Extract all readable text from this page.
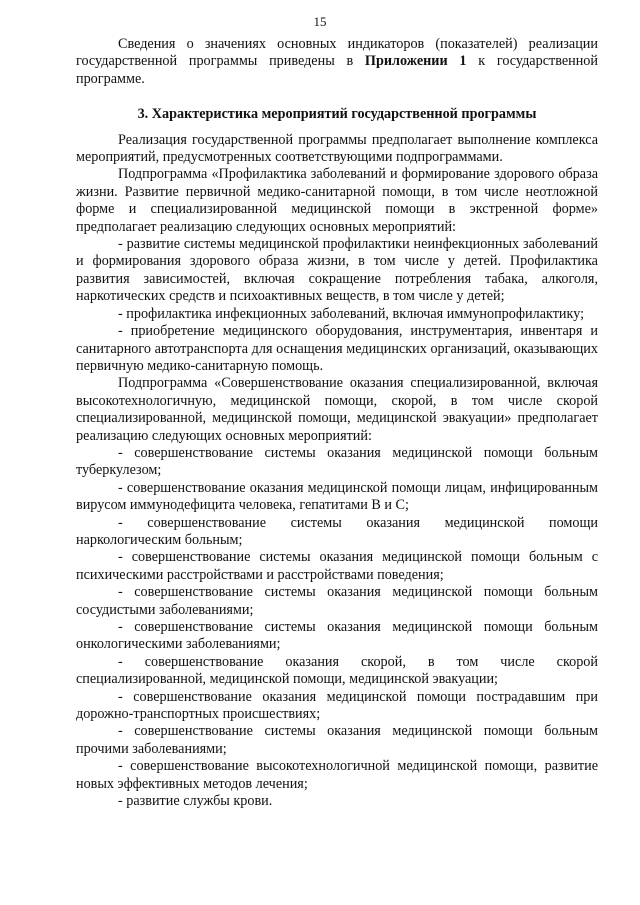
15

Сведения о значениях основных индикаторов (показателей) реализации государственной программы приведены в Приложении 1 к государственной программе.

3. Характеристика мероприятий государственной программы

Реализация государственной программы предполагает выполнение комплекса мероприятий, предусмотренных соответствующими подпрограммами.

Подпрограмма «Профилактика заболеваний и формирование здорового образа жизни. Развитие первичной медико-санитарной помощи, в том числе неотложной форме и специализированной медицинской помощи в экстренной форме» предполагает реализацию следующих основных мероприятий:

- развитие системы медицинской профилактики неинфекционных заболеваний и формирования здорового образа жизни, в том числе у детей. Профилактика развития зависимостей, включая сокращение потребления табака, алкоголя, наркотических средств и психоактивных веществ, в том числе у детей;

- профилактика инфекционных заболеваний, включая иммунопрофилактику;

- приобретение медицинского оборудования, инструментария, инвентаря и санитарного автотранспорта для оснащения медицинских организаций, оказывающих первичную медико-санитарную помощь.

Подпрограмма «Совершенствование оказания специализированной, включая высокотехнологичную, медицинской помощи, скорой, в том числе скорой специализированной, медицинской помощи, медицинской эвакуации» предполагает реализацию следующих основных мероприятий:

- совершенствование системы оказания медицинской помощи больным туберкулезом;

- совершенствование оказания медицинской помощи лицам, инфицированным вирусом иммунодефицита человека, гепатитами В и С;

- совершенствование системы оказания медицинской помощи наркологическим больным;

- совершенствование системы оказания медицинской помощи больным с психическими расстройствами и расстройствами поведения;

- совершенствование системы оказания медицинской помощи больным сосудистыми заболеваниями;

- совершенствование системы оказания медицинской помощи больным онкологическими заболеваниями;

- совершенствование оказания скорой, в том числе скорой специализированной, медицинской помощи, медицинской эвакуации;

- совершенствование оказания медицинской помощи пострадавшим при дорожно-транспортных происшествиях;

- совершенствование системы оказания медицинской помощи больным прочими заболеваниями;

- совершенствование высокотехнологичной медицинской помощи, развитие новых эффективных методов лечения;

- развитие службы крови.
